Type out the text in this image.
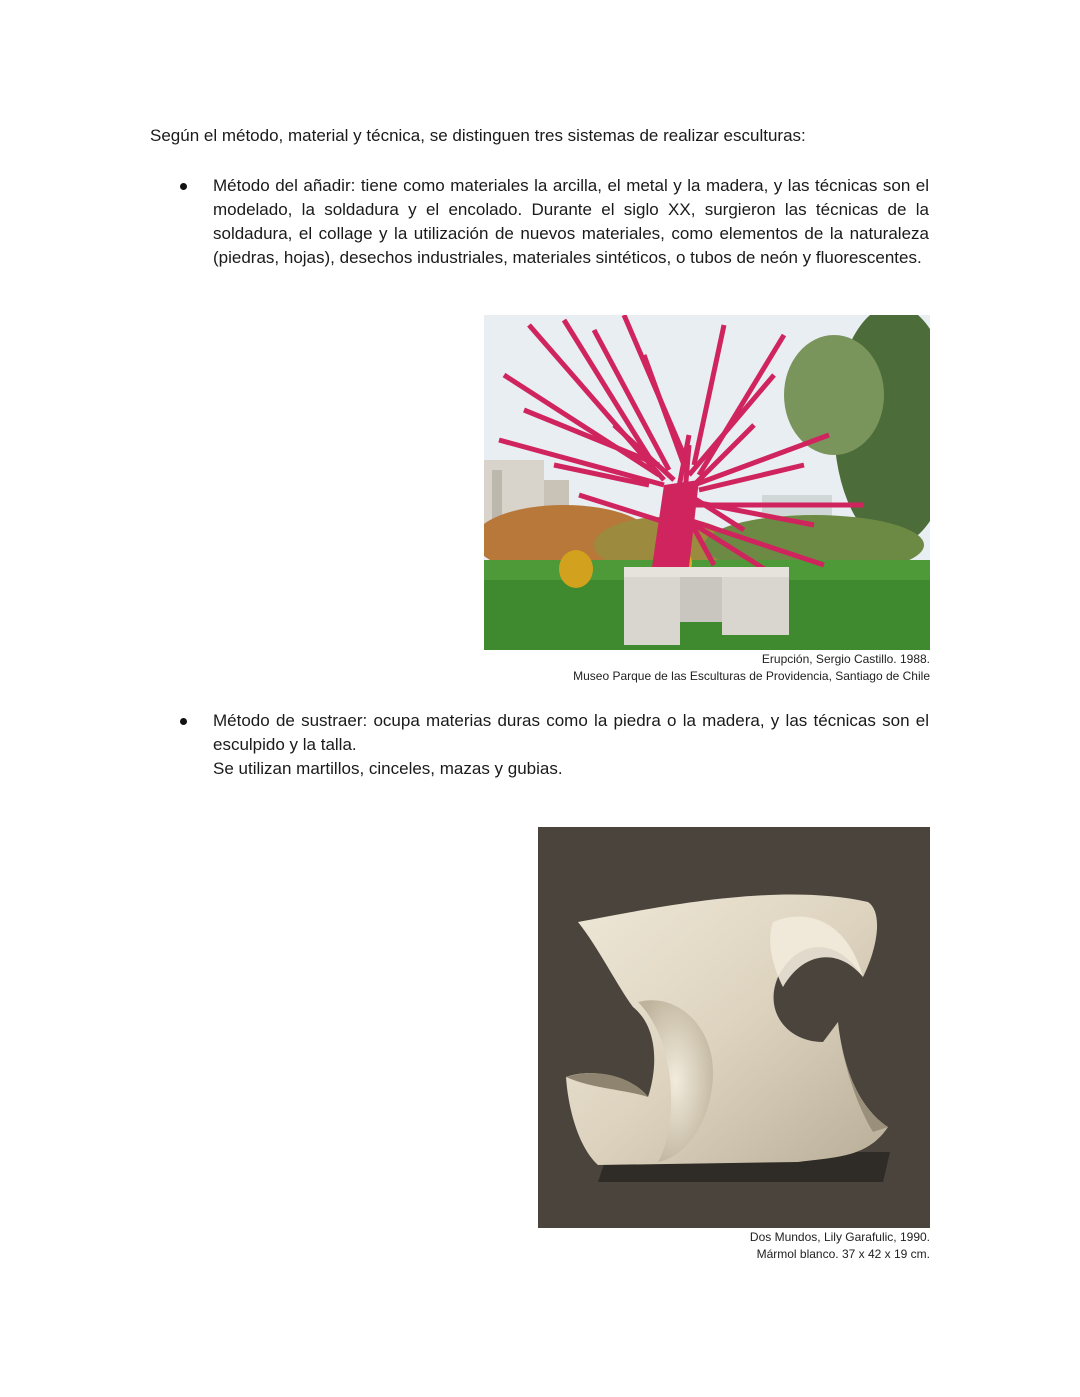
Según el método, material y técnica, se distinguen tres sistemas de realizar esculturas:

Método del añadir: tiene como materiales la arcilla, el metal y la madera, y las técnicas son el modelado, la soldadura y el encolado. Durante el siglo XX, surgieron las técnicas de la soldadura, el collage y la utilización de nuevos materiales, como elementos de la naturaleza (piedras, hojas), desechos industriales, materiales sintéticos, o tubos de neón y fluorescentes.

Erupción, Sergio Castillo. 1988.
Museo Parque de las Esculturas de Providencia, Santiago de Chile

Método de sustraer: ocupa materias duras como la piedra o la madera, y las técnicas son el esculpido y la talla.

Se utilizan martillos, cinceles, mazas y gubias.

Dos Mundos, Lily Garafulic, 1990.
Mármol blanco. 37 x 42 x 19 cm.
